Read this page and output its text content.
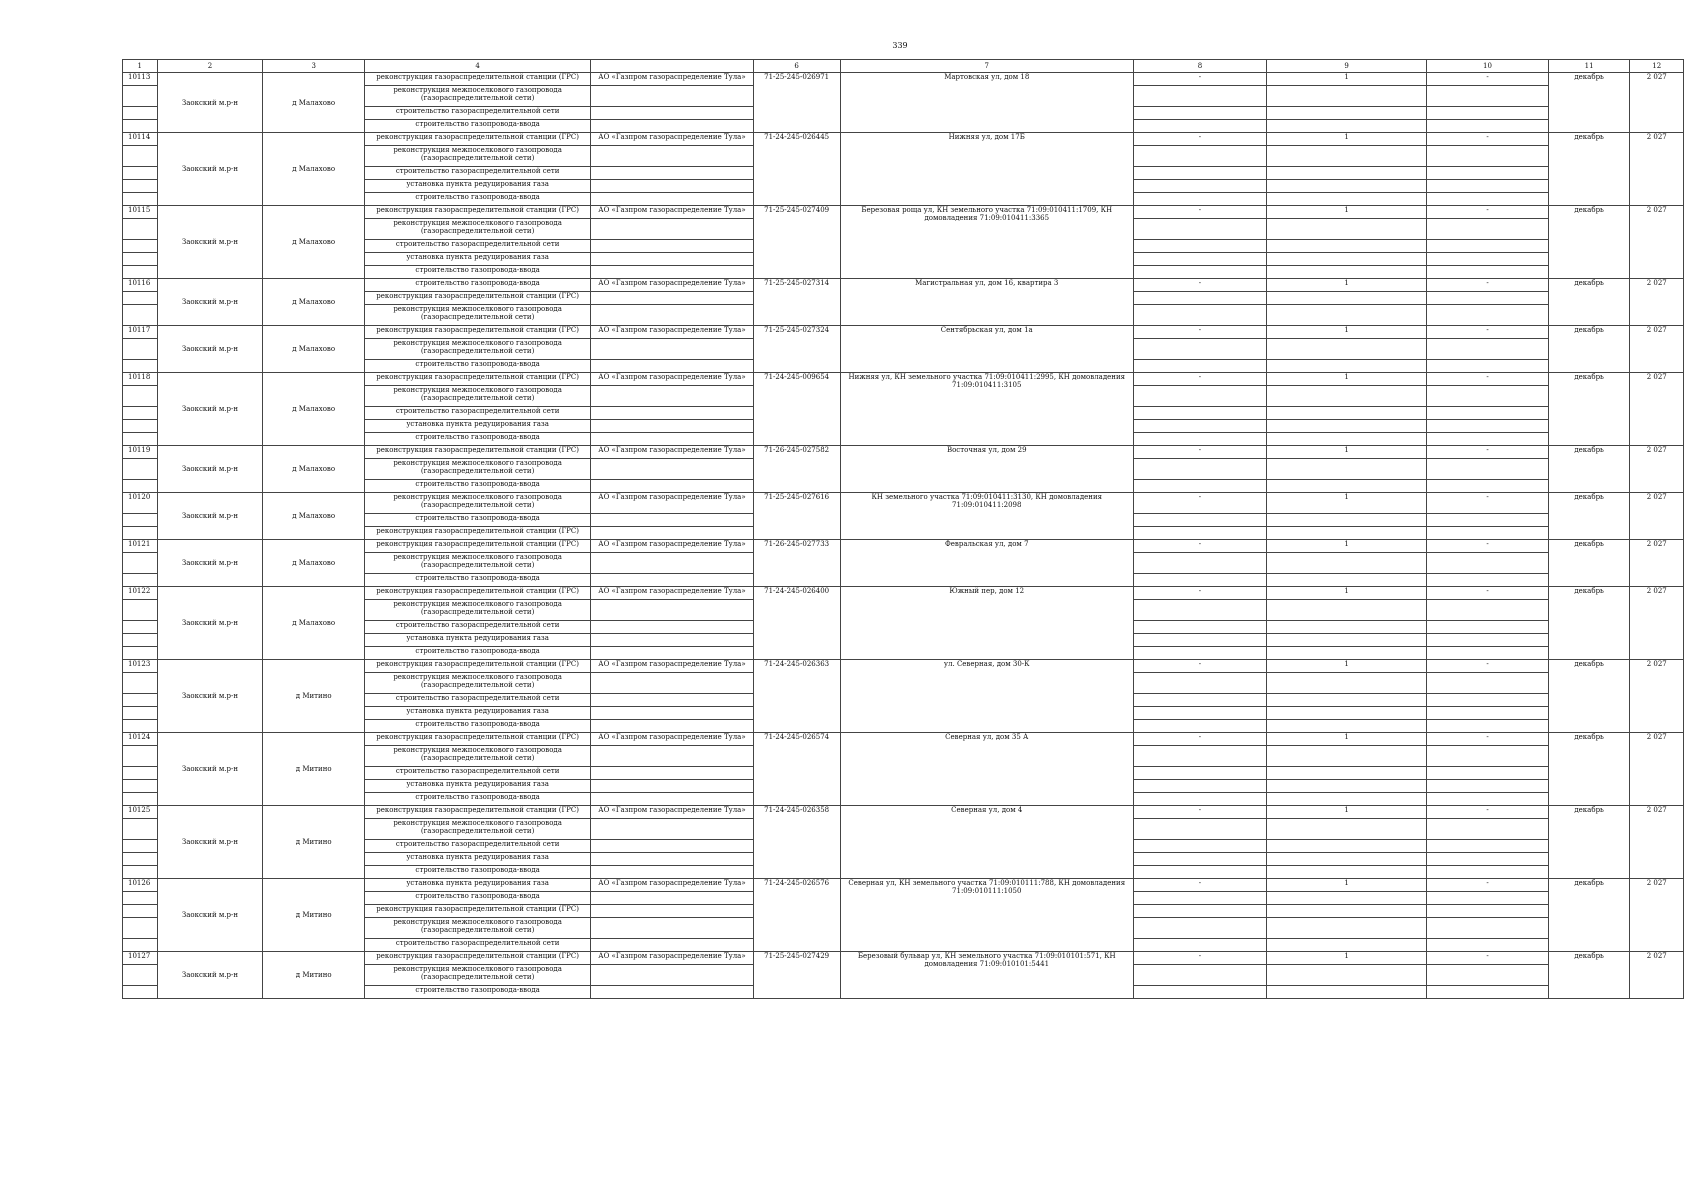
339
1	2	3	4		6	7	8	9	10	11	12
10113	Заокский м.р-н	д Малахово	реконструкция газораспределительной станции (ГРС)	АО «Газпром газораспределение Тула»	71-25-245-026971	Мартовская ул, дом 18	-	1	-	декабрь	2 027
			реконструкция межпоселкового газопровода (газораспределительной сети)								
			строительство газораспределительной сети								
			строительство газопровода-ввода								
10114	Заокский м.р-н	д Малахово	реконструкция газораспределительной станции (ГРС)	АО «Газпром газораспределение Тула»	71-24-245-026445	Нижняя ул, дом 17Б	-	1	-	декабрь	2 027
			реконструкция межпоселкового газопровода (газораспределительной сети)								
			строительство газораспределительной сети								
			установка пункта редуцирования газа								
			строительство газопровода-ввода								
10115	Заокский м.р-н	д Малахово	реконструкция газораспределительной станции (ГРС)	АО «Газпром газораспределение Тула»	71-25-245-027409	Березовая роща ул, КН земельного участка 71:09:010411:1709, КН домовладения 71:09:010411:3365	-	1	-	декабрь	2 027
			реконструкция межпоселкового газопровода (газораспределительной сети)								
			строительство газораспределительной сети								
			установка пункта редуцирования газа								
			строительство газопровода-ввода								
10116	Заокский м.р-н	д Малахово	строительство газопровода-ввода	АО «Газпром газораспределение Тула»	71-25-245-027314	Магистральная ул, дом 16, квартира 3	-	1	-	декабрь	2 027
			реконструкция газораспределительной станции (ГРС)								
			реконструкция межпоселкового газопровода (газораспределительной сети)								
10117	Заокский м.р-н	д Малахово	реконструкция газораспределительной станции (ГРС)	АО «Газпром газораспределение Тула»	71-25-245-027324	Сентябрьская ул, дом 1а	-	1	-	декабрь	2 027
			реконструкция межпоселкового газопровода (газораспределительной сети)								
			строительство газопровода-ввода								
10118	Заокский м.р-н	д Малахово	реконструкция газораспределительной станции (ГРС)	АО «Газпром газораспределение Тула»	71-24-245-009654	Нижняя ул, КН земельного участка 71:09:010411:2995, КН домовладения 71:09:010411:3105	-	1	-	декабрь	2 027
			реконструкция межпоселкового газопровода (газораспределительной сети)								
			строительство газораспределительной сети								
			установка пункта редуцирования газа								
			строительство газопровода-ввода								
10119	Заокский м.р-н	д Малахово	реконструкция газораспределительной станции (ГРС)	АО «Газпром газораспределение Тула»	71-26-245-027582	Восточная ул, дом 29	-	1	-	декабрь	2 027
			реконструкция межпоселкового газопровода (газораспределительной сети)								
			строительство газопровода-ввода								
10120	Заокский м.р-н	д Малахово	реконструкция межпоселкового газопровода (газораспределительной сети)	АО «Газпром газораспределение Тула»	71-25-245-027616	КН земельного участка 71:09:010411:3130, КН домовладения 71:09:010411:2098	-	1	-	декабрь	2 027
			строительство газопровода-ввода								
			реконструкция газораспределительной станции (ГРС)								
10121	Заокский м.р-н	д Малахово	реконструкция газораспределительной станции (ГРС)	АО «Газпром газораспределение Тула»	71-26-245-027733	Февральская ул, дом 7	-	1	-	декабрь	2 027
			реконструкция межпоселкового газопровода (газораспределительной сети)								
			строительство газопровода-ввода								
10122	Заокский м.р-н	д Малахово	реконструкция газораспределительной станции (ГРС)	АО «Газпром газораспределение Тула»	71-24-245-026400	Южный пер, дом 12	-	1	-	декабрь	2 027
			реконструкция межпоселкового газопровода (газораспределительной сети)								
			строительство газораспределительной сети								
			установка пункта редуцирования газа								
			строительство газопровода-ввода								
10123	Заокский м.р-н	д Митино	реконструкция газораспределительной станции (ГРС)	АО «Газпром газораспределение Тула»	71-24-245-026363	ул. Северная, дом 30-К	-	1	-	декабрь	2 027
			реконструкция межпоселкового газопровода (газораспределительной сети)								
			строительство газораспределительной сети								
			установка пункта редуцирования газа								
			строительство газопровода-ввода								
10124	Заокский м.р-н	д Митино	реконструкция газораспределительной станции (ГРС)	АО «Газпром газораспределение Тула»	71-24-245-026574	Северная ул, дом 35 А	-	1	-	декабрь	2 027
			реконструкция межпоселкового газопровода (газораспределительной сети)								
			строительство газораспределительной сети								
			установка пункта редуцирования газа								
			строительство газопровода-ввода								
10125	Заокский м.р-н	д Митино	реконструкция газораспределительной станции (ГРС)	АО «Газпром газораспределение Тула»	71-24-245-026358	Северная ул, дом 4	-	1	-	декабрь	2 027
			реконструкция межпоселкового газопровода (газораспределительной сети)								
			строительство газораспределительной сети								
			установка пункта редуцирования газа								
			строительство газопровода-ввода								
10126	Заокский м.р-н	д Митино	установка пункта редуцирования газа	АО «Газпром газораспределение Тула»	71-24-245-026576	Северная ул, КН земельного участка 71:09:010111:788, КН домовладения 71:09:010111:1050	-	1	-	декабрь	2 027
			строительство газопровода-ввода								
			реконструкция газораспределительной станции (ГРС)								
			реконструкция межпоселкового газопровода (газораспределительной сети)								
			строительство газораспределительной сети								
10127	Заокский м.р-н	д Митино	реконструкция газораспределительной станции (ГРС)	АО «Газпром газораспределение Тула»	71-25-245-027429	Березовый бульвар ул, КН земельного участка 71:09:010101:571, КН домовладения 71:09:010101:5441	-	1	-	декабрь	2 027
			реконструкция межпоселкового газопровода (газораспределительной сети)								
			строительство газопровода-ввода								
